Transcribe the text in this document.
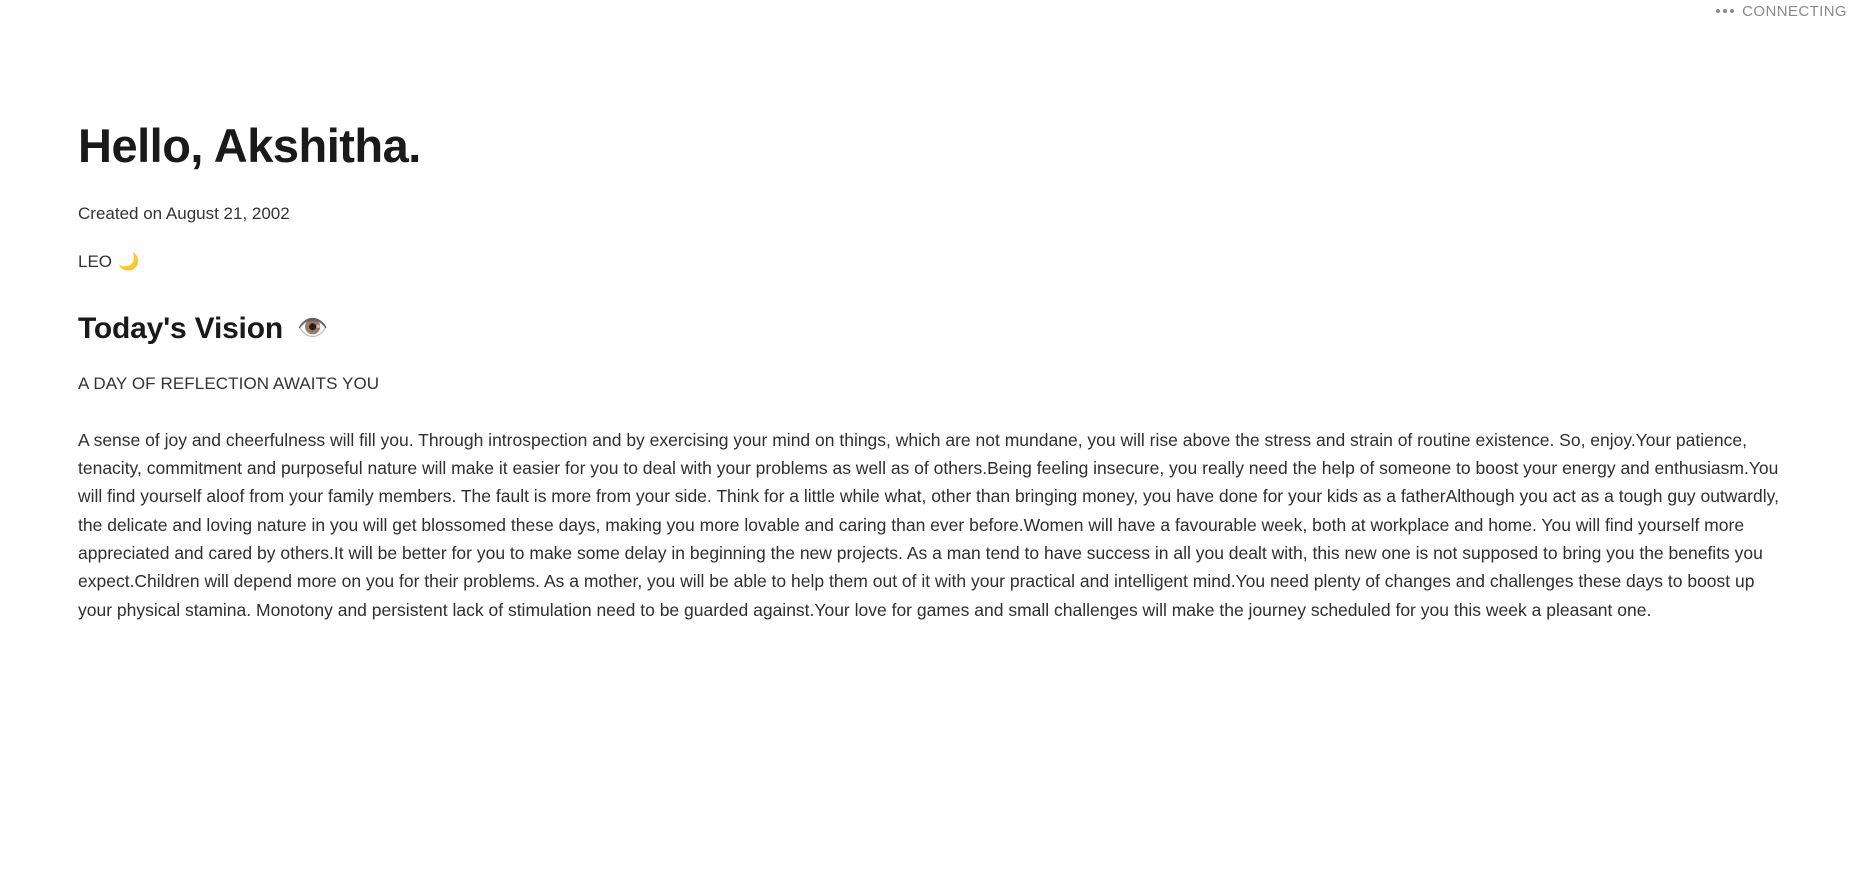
CONNECTING
Hello, Akshitha.
Created on August 21, 2002
LEO 🌙
Today's Vision 👁️
A DAY OF REFLECTION AWAITS YOU

A sense of joy and cheerfulness will fill you. Through introspection and by exercising your mind on things, which are not mundane, you will rise above the stress and strain of routine existence. So, enjoy.Your patience, tenacity, commitment and purposeful nature will make it easier for you to deal with your problems as well as of others.Being feeling insecure, you really need the help of someone to boost your energy and enthusiasm.You will find yourself aloof from your family members. The fault is more from your side. Think for a little while what, other than bringing money, you have done for your kids as a fatherAlthough you act as a tough guy outwardly, the delicate and loving nature in you will get blossomed these days, making you more lovable and caring than ever before.Women will have a favourable week, both at workplace and home. You will find yourself more appreciated and cared by others.It will be better for you to make some delay in beginning the new projects. As a man tend to have success in all you dealt with, this new one is not supposed to bring you the benefits you expect.Children will depend more on you for their problems. As a mother, you will be able to help them out of it with your practical and intelligent mind.You need plenty of changes and challenges these days to boost up your physical stamina. Monotony and persistent lack of stimulation need to be guarded against.Your love for games and small challenges will make the journey scheduled for you this week a pleasant one.
